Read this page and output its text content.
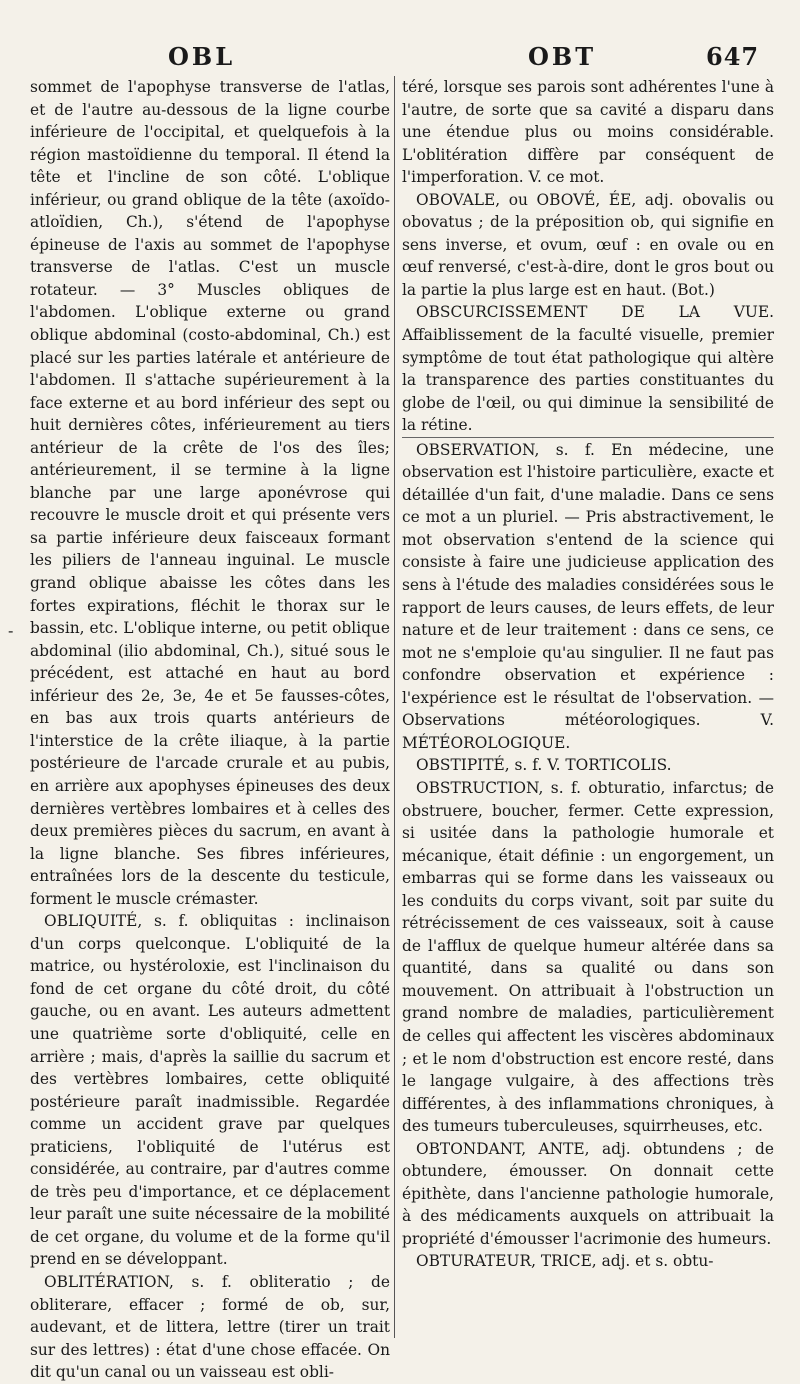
OBL	OBT	647
-

sommet de l'apophyse transverse de l'atlas, et de l'autre au-dessous de la ligne courbe inférieure de l'occipital, et quelquefois à la région mastoïdienne du temporal. Il étend la tête et l'incline de son côté. L'oblique inférieur, ou grand oblique de la tête (axoïdo-atloïdien, Ch.), s'étend de l'apophyse épineuse de l'axis au sommet de l'apophyse transverse de l'atlas. C'est un muscle rotateur. — 3° Muscles obliques de l'abdomen. L'oblique externe ou grand oblique abdominal (costo-abdominal, Ch.) est placé sur les parties latérale et antérieure de l'abdomen. Il s'attache supérieurement à la face externe et au bord inférieur des sept ou huit dernières côtes, inférieurement au tiers antérieur de la crête de l'os des îles; antérieurement, il se termine à la ligne blanche par une large aponévrose qui recouvre le muscle droit et qui présente vers sa partie inférieure deux faisceaux formant les piliers de l'anneau inguinal. Le muscle grand oblique abaisse les côtes dans les fortes expirations, fléchit le thorax sur le bassin, etc. L'oblique interne, ou petit oblique abdominal (ilio abdominal, Ch.), situé sous le précédent, est attaché en haut au bord inférieur des 2e, 3e, 4e et 5e fausses-côtes, en bas aux trois quarts antérieurs de l'interstice de la crête iliaque, à la partie postérieure de l'arcade crurale et au pubis, en arrière aux apophyses épineuses des deux dernières vertèbres lombaires et à celles des deux premières pièces du sacrum, en avant à la ligne blanche. Ses fibres inférieures, entraînées lors de la descente du testicule, forment le muscle crémaster.

OBLIQUITÉ, s. f. obliquitas : inclinaison d'un corps quelconque. L'obliquité de la matrice, ou hystéroloxie, est l'inclinaison du fond de cet organe du côté droit, du côté gauche, ou en avant. Les auteurs admettent une quatrième sorte d'obliquité, celle en arrière ; mais, d'après la saillie du sacrum et des vertèbres lombaires, cette obliquité postérieure paraît inadmissible. Regardée comme un accident grave par quelques praticiens, l'obliquité de l'utérus est considérée, au contraire, par d'autres comme de très peu d'importance, et ce déplacement leur paraît une suite nécessaire de la mobilité de cet organe, du volume et de la forme qu'il prend en se développant.

OBLITÉRATION, s. f. obliteratio ; de obliterare, effacer ; formé de ob, sur, audevant, et de littera, lettre (tirer un trait sur des lettres) : état d'une chose effacée. On dit qu'un canal ou un vaisseau est obli-

téré, lorsque ses parois sont adhérentes l'une à l'autre, de sorte que sa cavité a disparu dans une étendue plus ou moins considérable. L'oblitération diffère par conséquent de l'imperforation. V. ce mot.

OBOVALE, ou OBOVÉ, ÉE, adj. obovalis ou obovatus ; de la préposition ob, qui signifie en sens inverse, et ovum, œuf : en ovale ou en œuf renversé, c'est-à-dire, dont le gros bout ou la partie la plus large est en haut. (Bot.)

OBSCURCISSEMENT DE LA VUE. Affaiblissement de la faculté visuelle, premier symptôme de tout état pathologique qui altère la transparence des parties constituantes du globe de l'œil, ou qui diminue la sensibilité de la rétine.

OBSERVATION, s. f. En médecine, une observation est l'histoire particulière, exacte et détaillée d'un fait, d'une maladie. Dans ce sens ce mot a un pluriel. — Pris abstractivement, le mot observation s'entend de la science qui consiste à faire une judicieuse application des sens à l'étude des maladies considérées sous le rapport de leurs causes, de leurs effets, de leur nature et de leur traitement : dans ce sens, ce mot ne s'emploie qu'au singulier. Il ne faut pas confondre observation et expérience : l'expérience est le résultat de l'observation. — Observations météorologiques. V. MÉTÉOROLOGIQUE.

OBSTIPITÉ, s. f. V. TORTICOLIS.

OBSTRUCTION, s. f. obturatio, infarctus; de obstruere, boucher, fermer. Cette expression, si usitée dans la pathologie humorale et mécanique, était définie : un engorgement, un embarras qui se forme dans les vaisseaux ou les conduits du corps vivant, soit par suite du rétrécissement de ces vaisseaux, soit à cause de l'afflux de quelque humeur altérée dans sa quantité, dans sa qualité ou dans son mouvement. On attribuait à l'obstruction un grand nombre de maladies, particulièrement de celles qui affectent les viscères abdominaux ; et le nom d'obstruction est encore resté, dans le langage vulgaire, à des affections très différentes, à des inflammations chroniques, à des tumeurs tuberculeuses, squirrheuses, etc.

OBTONDANT, ANTE, adj. obtundens ; de obtundere, émousser. On donnait cette épithète, dans l'ancienne pathologie humorale, à des médicaments auxquels on attribuait la propriété d'émousser l'acrimonie des humeurs.

OBTURATEUR, TRICE, adj. et s. obtu-
